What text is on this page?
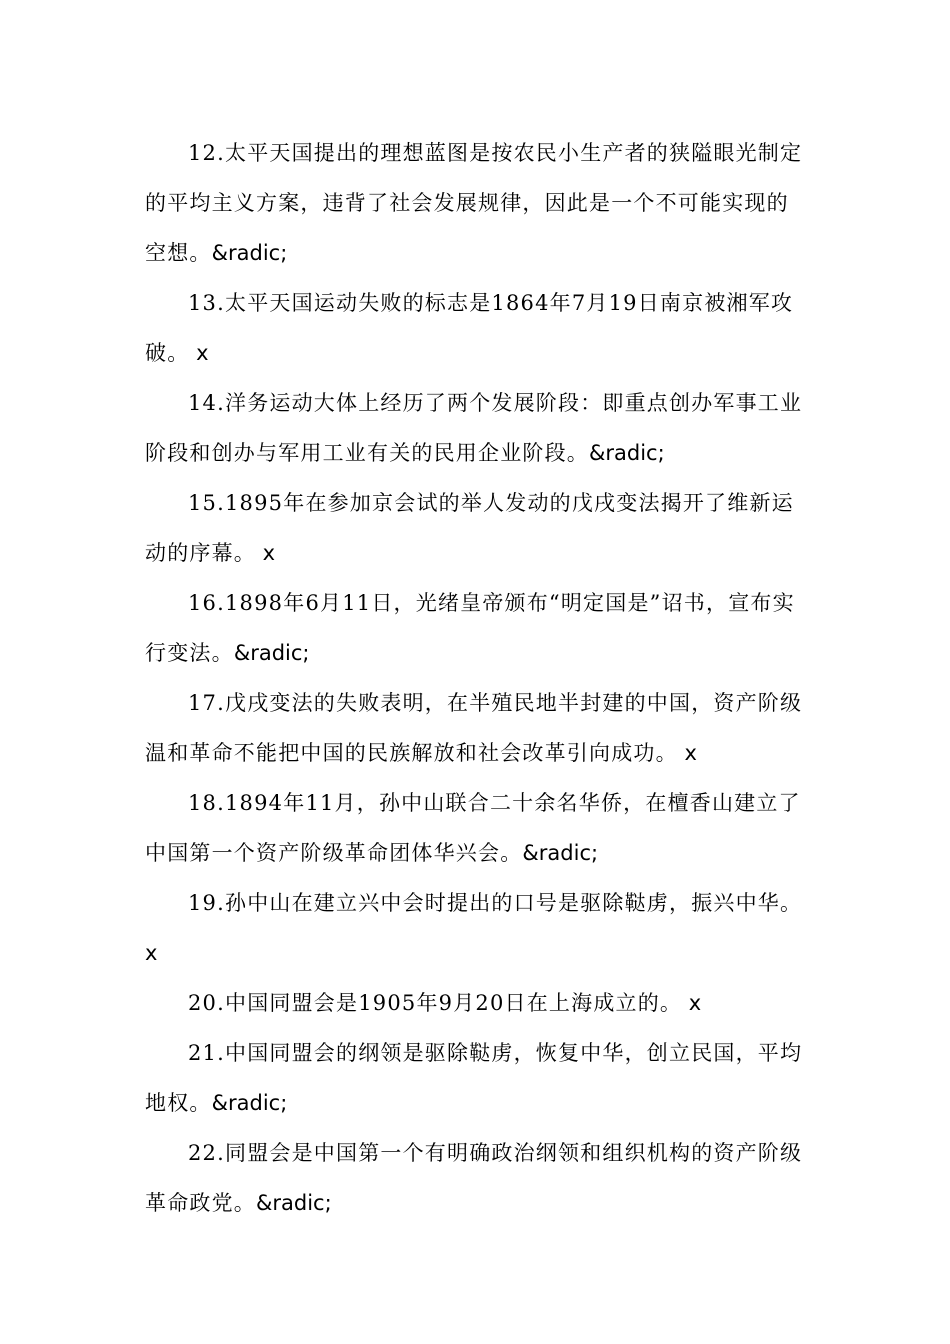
12.太平天国提出的理想蓝图是按农民小生产者的狭隘眼光制定的平均主义方案，违背了社会发展规律，因此是一个不可能实现的空想。&radic;

13.太平天国运动失败的标志是1864年7月19日南京被湘军攻破。 x

14.洋务运动大体上经历了两个发展阶段：即重点创办军事工业阶段和创办与军用工业有关的民用企业阶段。&radic;

15.1895年在参加京会试的举人发动的戊戌变法揭开了维新运动的序幕。 x

16.1898年6月11日，光绪皇帝颁布“明定国是”诏书，宣布实行变法。&radic;

17.戊戌变法的失败表明，在半殖民地半封建的中国，资产阶级温和革命不能把中国的民族解放和社会改革引向成功。 x

18.1894年11月，孙中山联合二十余名华侨，在檀香山建立了中国第一个资产阶级革命团体华兴会。&radic;

19.孙中山在建立兴中会时提出的口号是驱除鞑虏，振兴中华。
x

20.中国同盟会是1905年9月20日在上海成立的。 x

21.中国同盟会的纲领是驱除鞑虏，恢复中华，创立民国，平均地权。&radic;

22.同盟会是中国第一个有明确政治纲领和组织机构的资产阶级革命政党。&radic;
